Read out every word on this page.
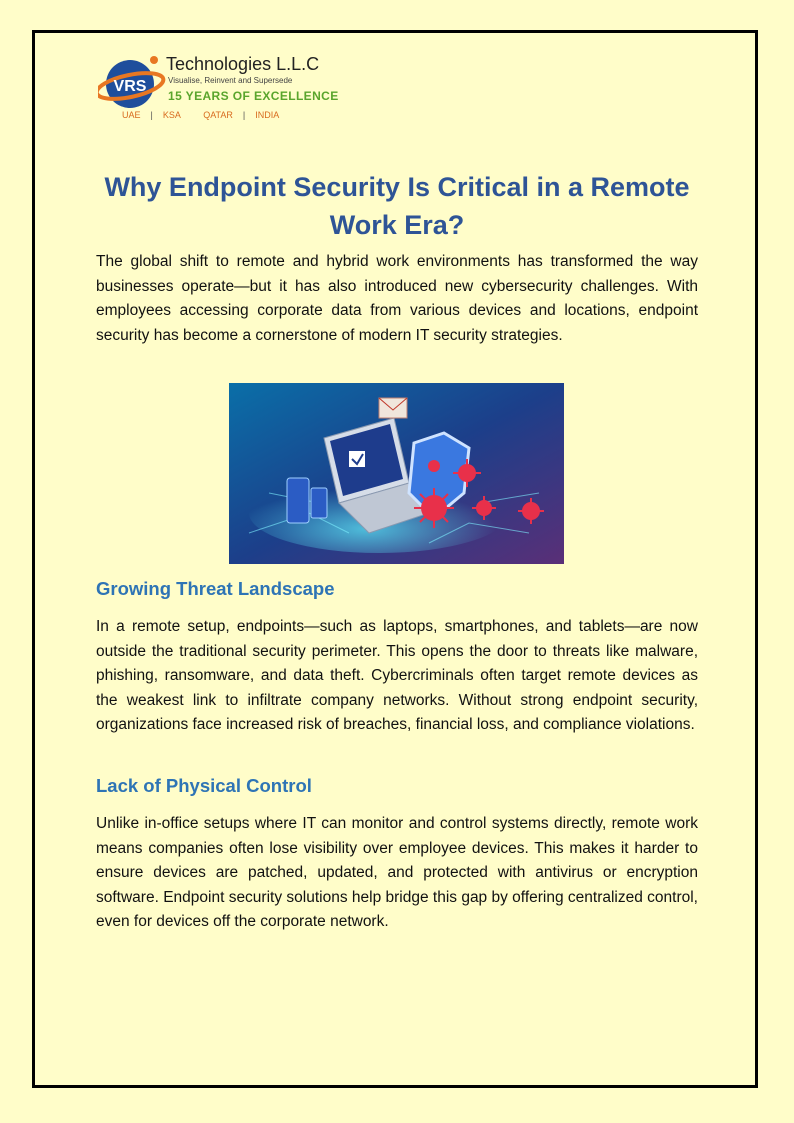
VRS
Technologies L.L.C
Visualise, Reinvent and Supersede
15 YEARS OF EXCELLENCE
UAE | KSA QATAR | INDIA
Why Endpoint Security Is Critical in a Remote Work Era?

The global shift to remote and hybrid work environments has transformed the way businesses operate—but it has also introduced new cybersecurity challenges. With employees accessing corporate data from various devices and locations, endpoint security has become a cornerstone of modern IT security strategies.

Growing Threat Landscape

In a remote setup, endpoints—such as laptops, smartphones, and tablets—are now outside the traditional security perimeter. This opens the door to threats like malware, phishing, ransomware, and data theft. Cybercriminals often target remote devices as the weakest link to infiltrate company networks. Without strong endpoint security, organizations face increased risk of breaches, financial loss, and compliance violations.

Lack of Physical Control

Unlike in-office setups where IT can monitor and control systems directly, remote work means companies often lose visibility over employee devices. This makes it harder to ensure devices are patched, updated, and protected with antivirus or encryption software. Endpoint security solutions help bridge this gap by offering centralized control, even for devices off the corporate network.
